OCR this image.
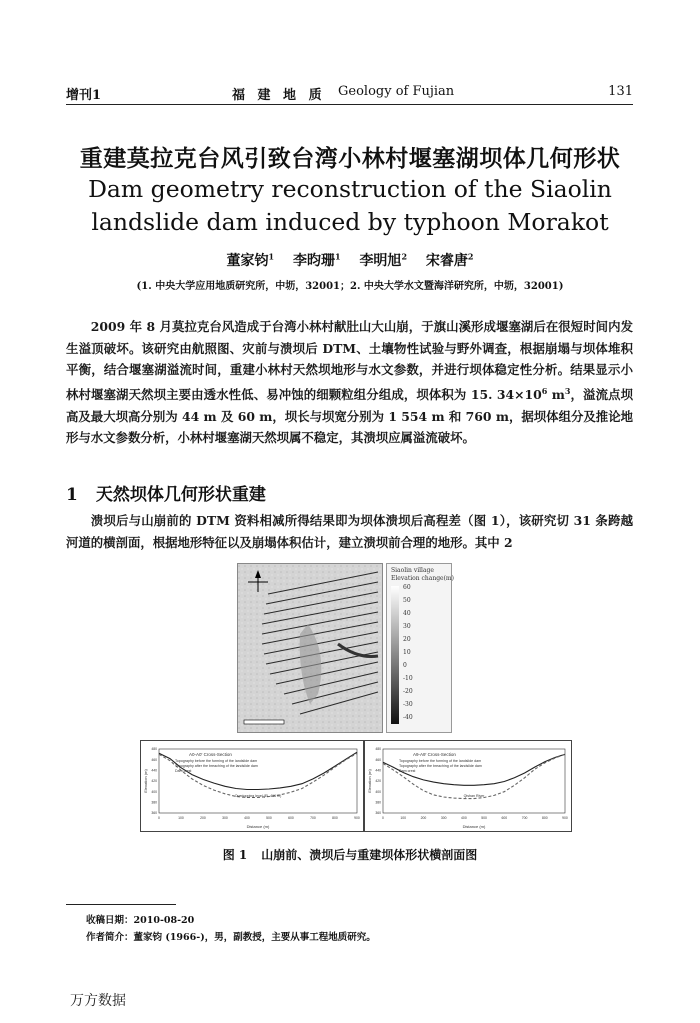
增刊1	福 建 地 质 Geology of Fujian	131
重建莫拉克台风引致台湾小林村堰塞湖坝体几何形状
Dam geometry reconstruction of the Siaolin
landslide dam induced by typhoon Morakot
董家钧$^1$ 李昀珊$^1$ 李明旭$^2$ 宋睿唐$^2$
(1. 中央大学应用地质研究所，中坜，32001；2. 中央大学水文暨海洋研究所，中坜，32001)

2009 年 8 月莫拉克台风造成于台湾小林村献肚山大山崩，于旗山溪形成堰塞湖后在很短时间内发生溢顶破坏。该研究由航照图、灾前与溃坝后 DTM、土壤物性试验与野外调查，根据崩塌与坝体堆积平衡，结合堰塞湖溢流时间，重建小林村天然坝地形与水文参数，并进行坝体稳定性分析。结果显示小林村堰塞湖天然坝主要由透水性低、易冲蚀的细颗粒组分组成，坝体积为 15. $34\times 10^6$ $m^3$，溢流点坝高及最大坝高分别为 44 m 及 60 m，坝长与坝宽分别为 1 554 m 和 760 m，据坝体组分及推论地形与水文参数分析，小林村堰塞湖天然坝属不稳定，其溃坝应属溢流破坏。

1 天然坝体几何形状重建

溃坝后与山崩前的 DTM 资料相减所得结果即为坝体溃坝后高程差（图 1），该研究切 31 条跨越河道的横剖面，根据地形特征以及崩塌体积估计，建立溃坝前合理的地形。其中 2

Siaolin village
Elevation change(m)
60
50
40
30
20
10
0
-10
-20
-30
-40
A0-A0' Cross-Section
Topography before the forming of the landslide dam
Topography after the breaching of the landslide dam
Dam crest
Overtopping level (EL 416 m)
Distance (m)
Elevation (m)
0	100	200	300	400	500	600	700	800	900
360
380
400
420
440
460
480
A9-A9' Cross-Section
Topography before the forming of the landslide dam
Topography after the breaching of the landslide dam
Dam crest
Qishan River
Distance (m)
Elevation (m)
0	100	200	300	400	500	600	700	800	900
360
380
400
420
440
460
480
图 1 山崩前、溃坝后与重建坝体形状横剖面图
收稿日期：2010-08-20
作者简介：董家钧 (1966-)，男，副教授，主要从事工程地质研究。
万方数据
